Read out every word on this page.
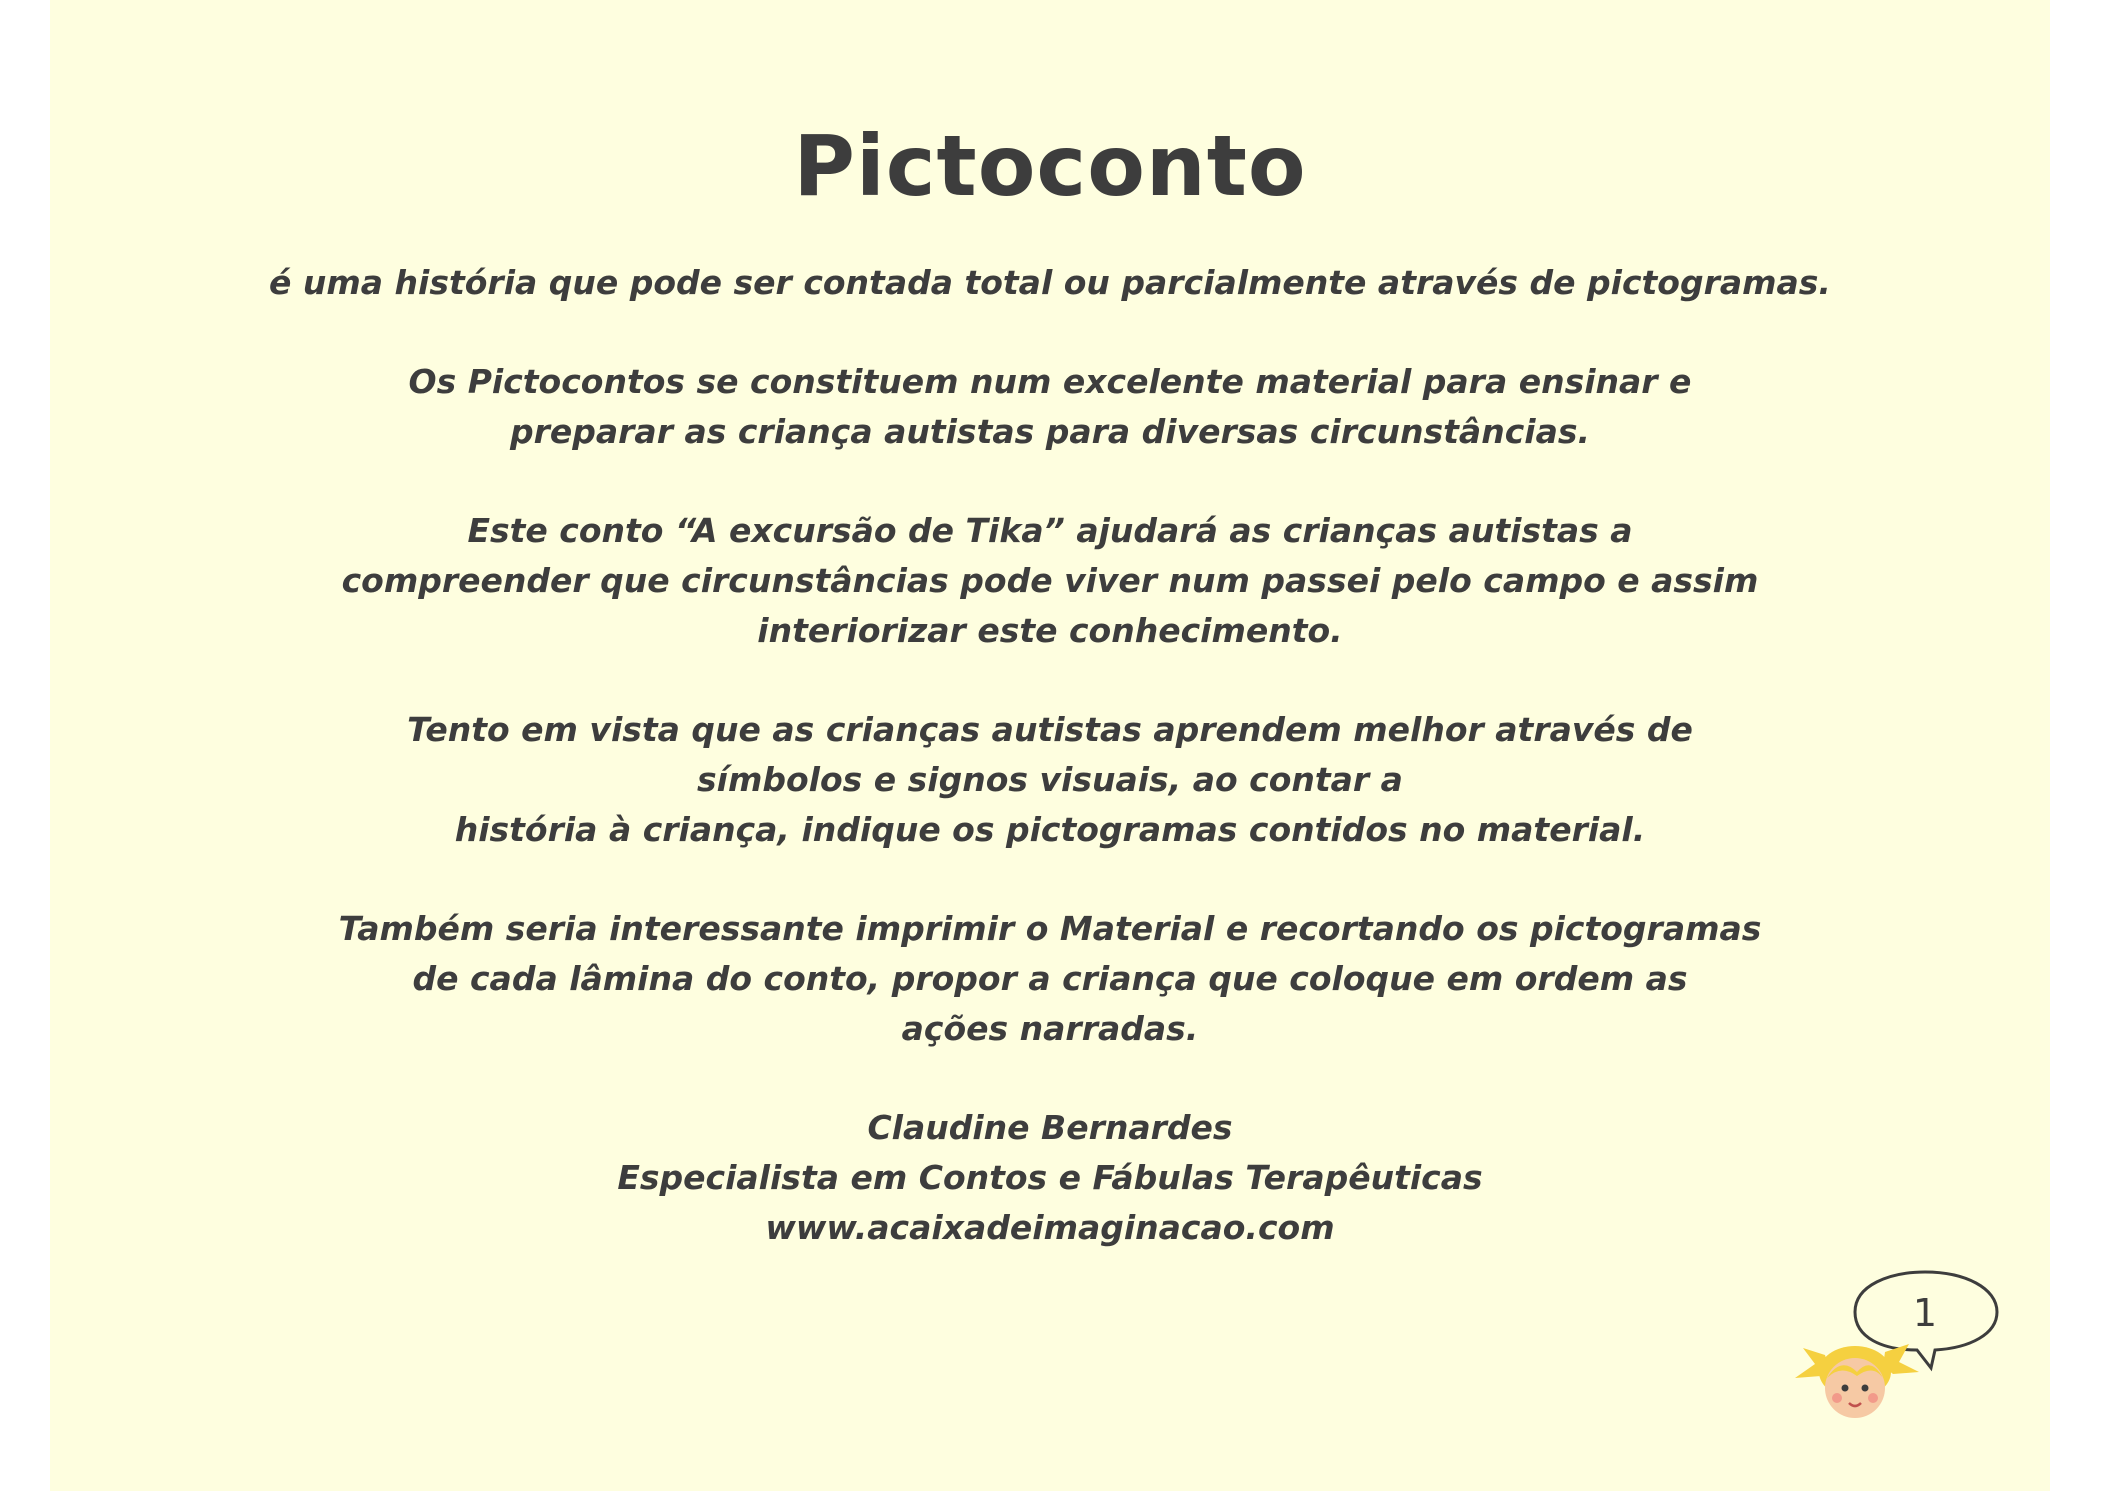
Pictoconto
é uma história que pode ser contada total ou parcialmente através de pictogramas.
Os Pictocontos se constituem num excelente material para ensinar e
preparar as criança autistas para diversas circunstâncias.
Este conto “A excursão de Tika” ajudará as crianças autistas a
compreender que circunstâncias pode viver num passei pelo campo e assim
interiorizar este conhecimento.
Tento em vista que as crianças autistas aprendem melhor através de
símbolos e signos visuais, ao contar a
história à criança, indique os pictogramas contidos no material.
Também seria interessante imprimir o Material e recortando os pictogramas
de cada lâmina do conto, propor a criança que coloque em ordem as
ações narradas.
Claudine Bernardes
Especialista em Contos e Fábulas Terapêuticas
www.acaixadeimaginacao.com
1
